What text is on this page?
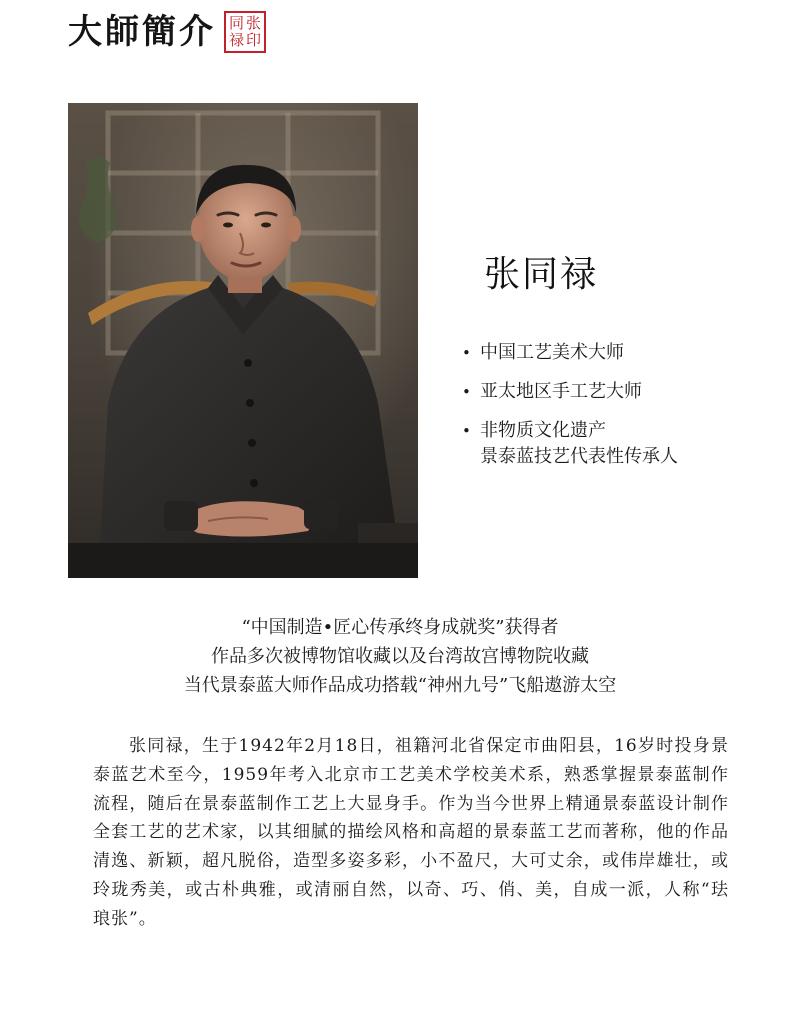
大師簡介 同 张
禄 印
张同禄
• 中国工艺美术大师
• 亚太地区手工艺大师
• 非物质文化遗产
景泰蓝技艺代表性传承人
“中国制造•匠心传承终身成就奖”获得者
作品多次被博物馆收藏以及台湾故宫博物院收藏
当代景泰蓝大师作品成功搭载“神州九号”飞船遨游太空

张同禄，生于1942年2月18日，祖籍河北省保定市曲阳县，16岁时投身景泰蓝艺术至今，1959年考入北京市工艺美术学校美术系，熟悉掌握景泰蓝制作流程，随后在景泰蓝制作工艺上大显身手。作为当今世界上精通景泰蓝设计制作全套工艺的艺术家，以其细腻的描绘风格和高超的景泰蓝工艺而著称，他的作品清逸、新颖，超凡脱俗，造型多姿多彩，小不盈尺，大可丈余，或伟岸雄壮，或玲珑秀美，或古朴典雅，或清丽自然，以奇、巧、俏、美，自成一派，人称“珐琅张”。
